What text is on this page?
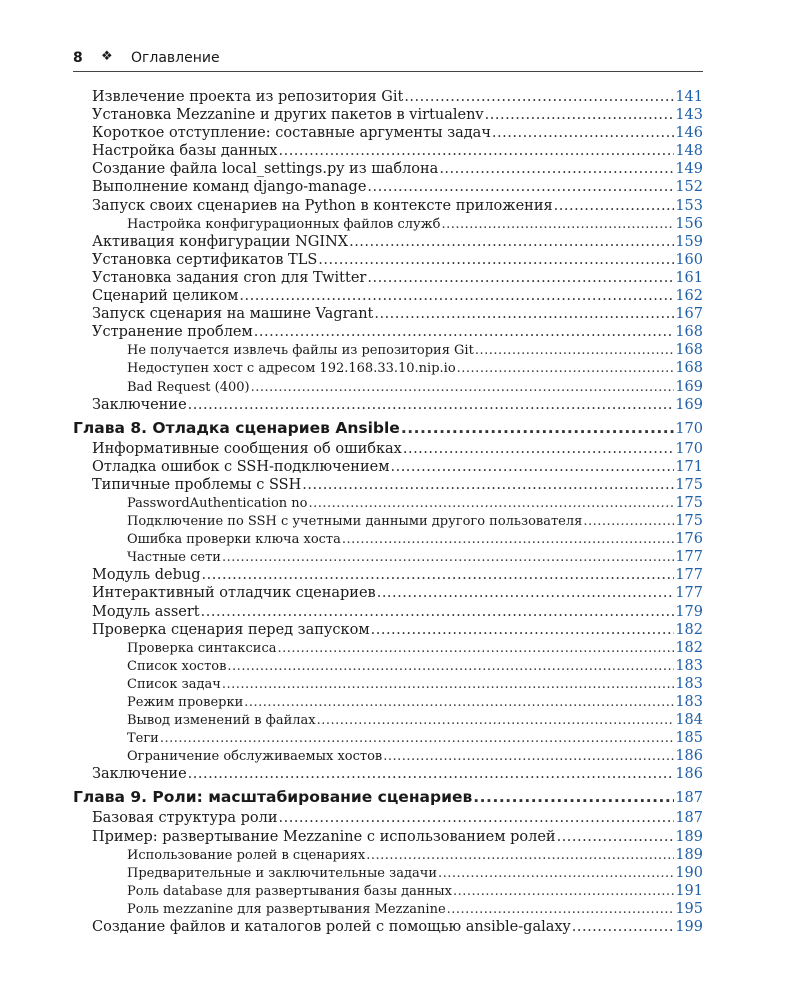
8 ❖ Оглавление
Извлечение проекта из репозитория Git .....	141
Установка Mezzanine и других пакетов в virtualenv .....	143
Короткое отступление: составные аргументы задач .....	146
Настройка базы данных .....	148
Создание файла local_settings.py из шаблона .....	149
Выполнение команд django-manage .....	152
Запуск своих сценариев на Python в контексте приложения .....	153
Настройка конфигурационных файлов служб .....	156
Активация конфигурации NGINX .....	159
Установка сертификатов TLS .....	160
Установка задания cron для Twitter .....	161
Сценарий целиком .....	162
Запуск сценария на машине Vagrant .....	167
Устранение проблем .....	168
Не получается извлечь файлы из репозитория Git .....	168
Недоступен хост с адресом 192.168.33.10.nip.io .....	168
Bad Request (400) .....	169
Заключение .....	169
Глава 8. Отладка сценариев Ansible .....	170
Информативные сообщения об ошибках .....	170
Отладка ошибок с SSH-подключением .....	171
Типичные проблемы с SSH .....	175
PasswordAuthentication no .....	175
Подключение по SSH с учетными данными другого пользователя .....	175
Ошибка проверки ключа хоста .....	176
Частные сети .....	177
Модуль debug .....	177
Интерактивный отладчик сценариев .....	177
Модуль assert .....	179
Проверка сценария перед запуском .....	182
Проверка синтаксиса .....	182
Список хостов .....	183
Список задач .....	183
Режим проверки .....	183
Вывод изменений в файлах .....	184
Теги .....	185
Ограничение обслуживаемых хостов .....	186
Заключение .....	186
Глава 9. Роли: масштабирование сценариев .....	187
Базовая структура роли .....	187
Пример: развертывание Mezzanine с использованием ролей .....	189
Использование ролей в сценариях .....	189
Предварительные и заключительные задачи .....	190
Роль database для развертывания базы данных .....	191
Роль mezzanine для развертывания Mezzanine .....	195
Создание файлов и каталогов ролей с помощью ansible-galaxy .....	199
